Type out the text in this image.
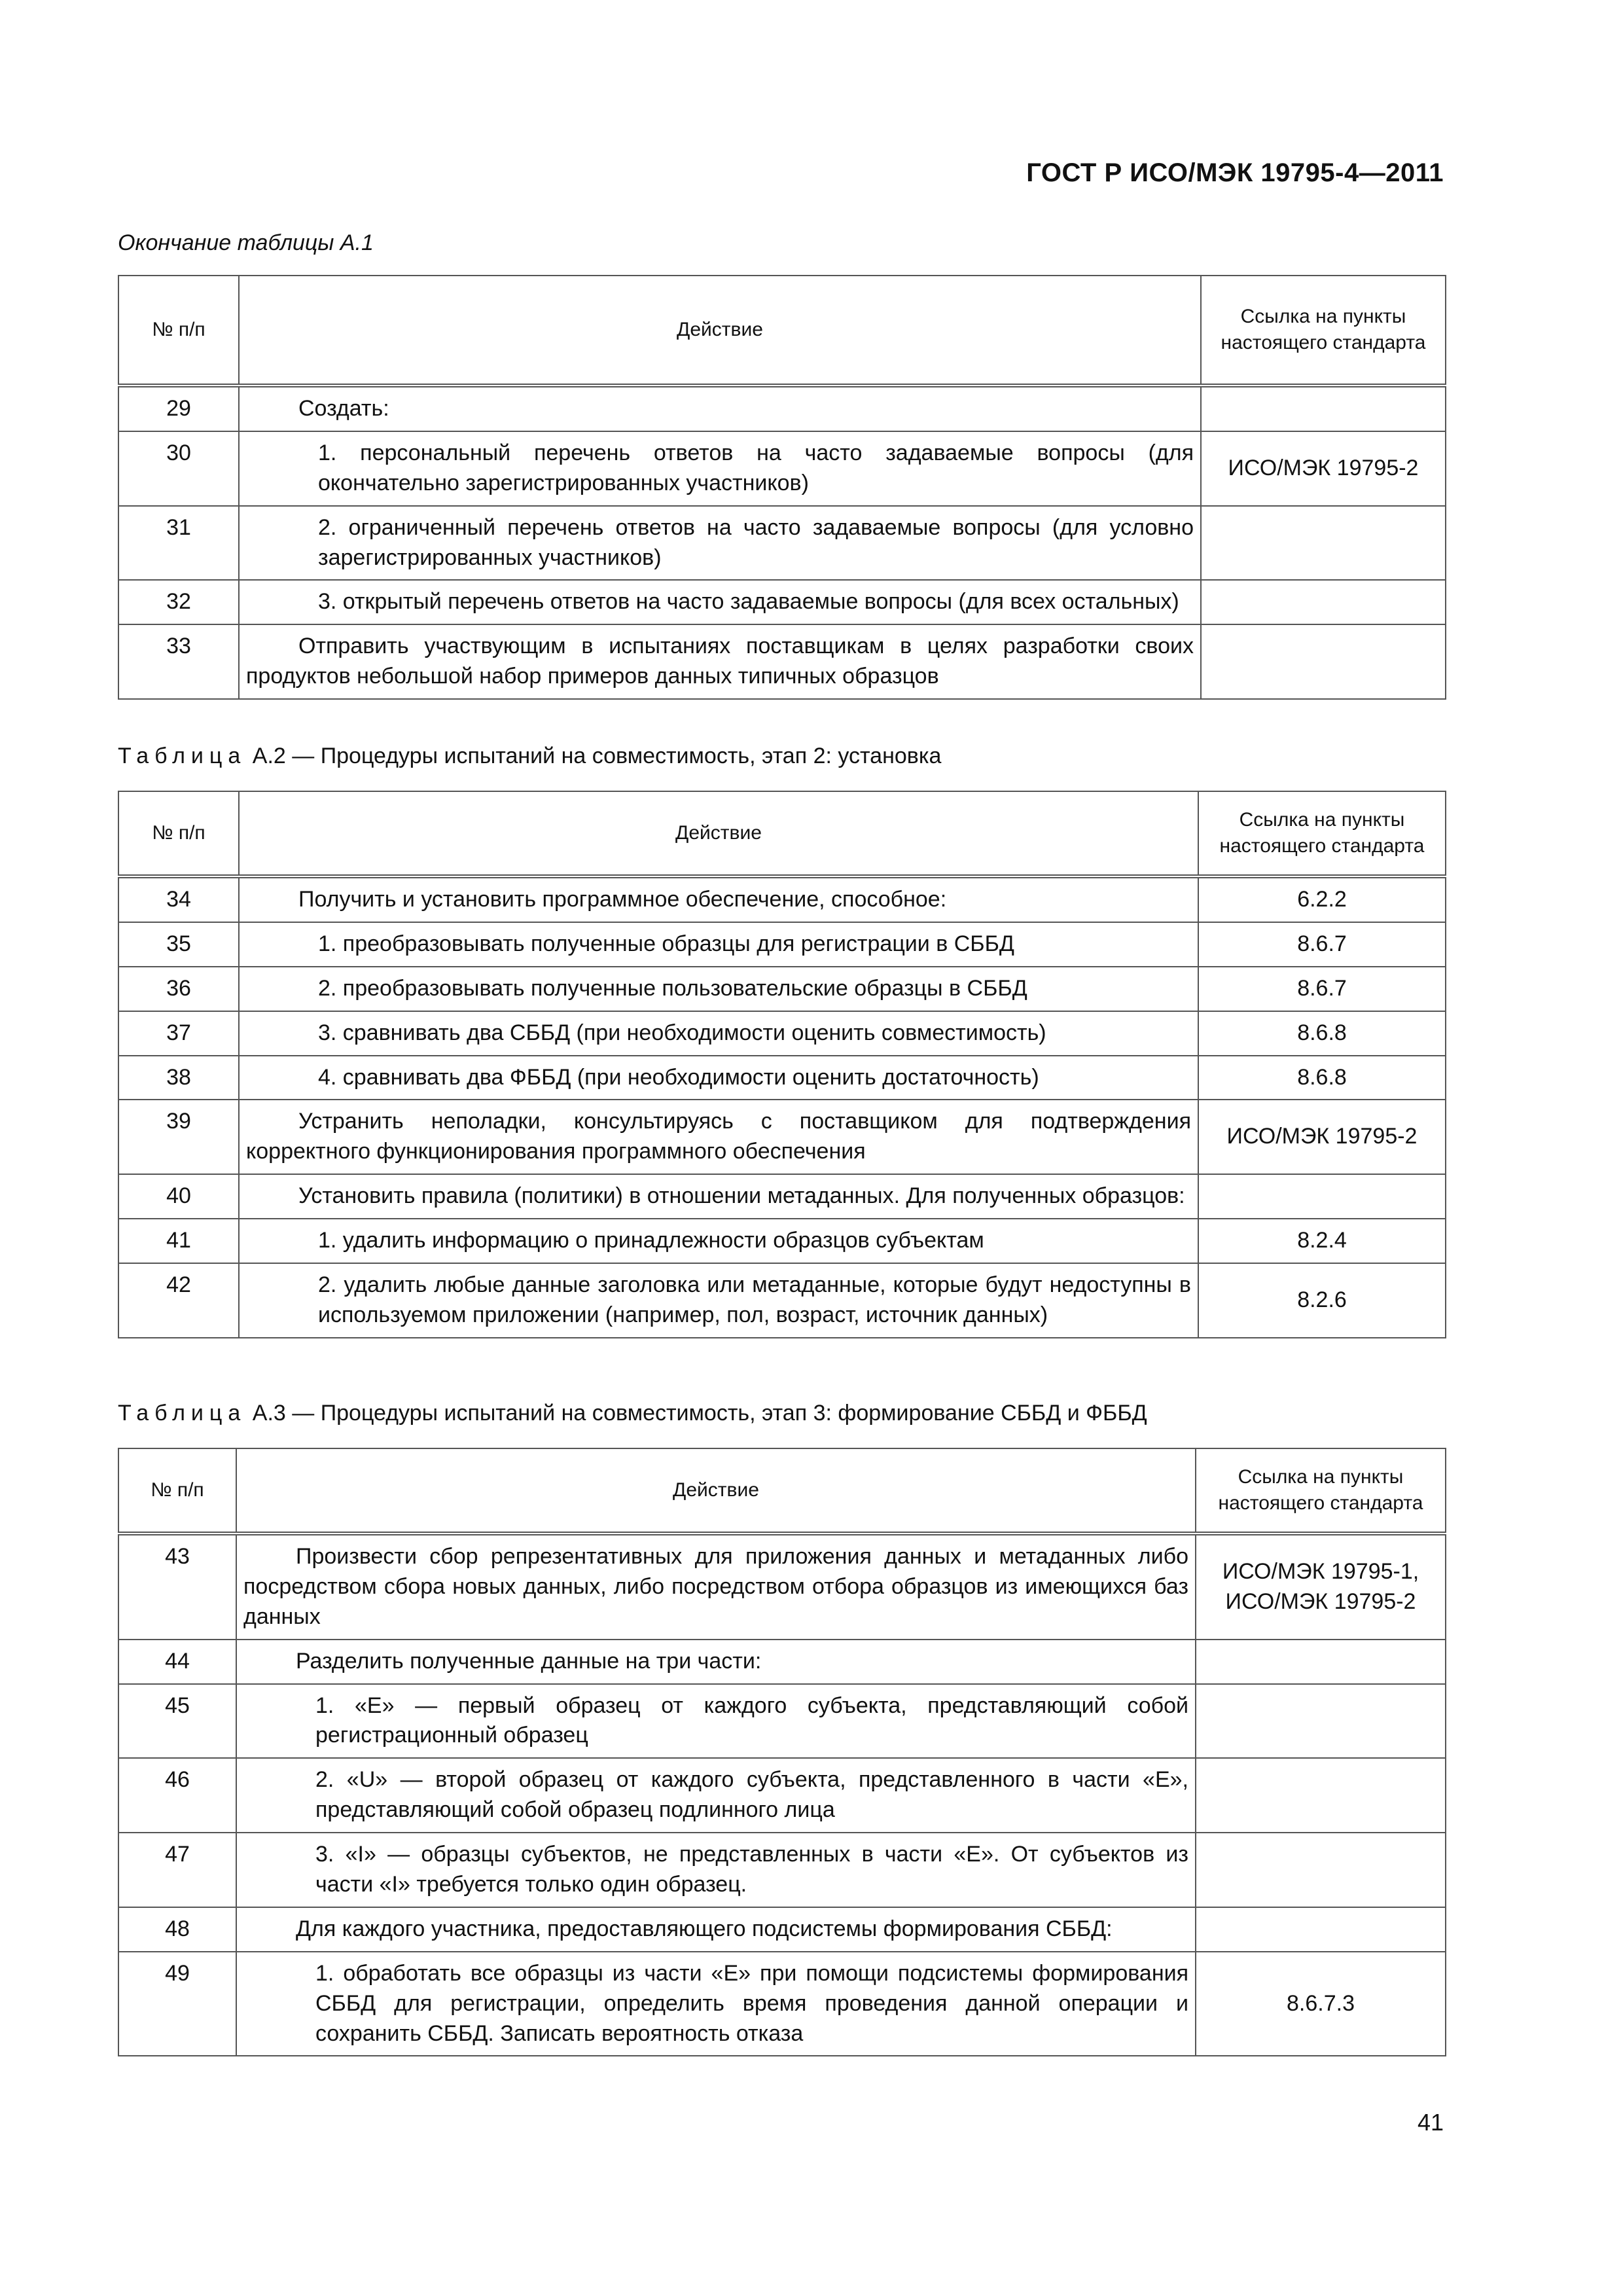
ГОСТ Р ИСО/МЭК 19795-4—2011
Окончание таблицы А.1
№ п/п	Действие	Ссылка на пункты настоящего стандарта
29	Создать:	
30	1. персональный перечень ответов на часто задаваемые вопросы (для окончательно зарегистрированных участников)	ИСО/МЭК 19795-2
31	2. ограниченный перечень ответов на часто задаваемые вопросы (для условно зарегистрированных участников)	
32	3. открытый перечень ответов на часто задаваемые вопросы (для всех остальных)	
33	Отправить участвующим в испытаниях поставщикам в целях разработки своих продуктов небольшой набор примеров данных типичных образцов	
Таблица А.2 — Процедуры испытаний на совместимость, этап 2: установка
№ п/п	Действие	Ссылка на пункты настоящего стандарта
34	Получить и установить программное обеспечение, способное:	6.2.2
35	1. преобразовывать полученные образцы для регистрации в СББД	8.6.7
36	2. преобразовывать полученные пользовательские образцы в СББД	8.6.7
37	3. сравнивать два СББД (при необходимости оценить совместимость)	8.6.8
38	4. сравнивать два ФББД (при необходимости оценить достаточность)	8.6.8
39	Устранить неполадки, консультируясь с поставщиком для подтверждения корректного функционирования программного обеспечения	ИСО/МЭК 19795-2
40	Установить правила (политики) в отношении метаданных. Для полученных образцов:	
41	1. удалить информацию о принадлежности образцов субъектам	8.2.4
42	2. удалить любые данные заголовка или метаданные, которые будут недоступны в используемом приложении (например, пол, возраст, источник данных)	8.2.6
Таблица А.3 — Процедуры испытаний на совместимость, этап 3: формирование СББД и ФББД
№ п/п	Действие	Ссылка на пункты настоящего стандарта
43	Произвести сбор репрезентативных для приложения данных и метаданных либо посредством сбора новых данных, либо посредством отбора образцов из имеющихся баз данных	ИСО/МЭК 19795-1, ИСО/МЭК 19795-2
44	Разделить полученные данные на три части:	
45	1. «E» — первый образец от каждого субъекта, представляющий собой регистрационный образец	
46	2. «U» — второй образец от каждого субъекта, представленного в части «E», представляющий собой образец подлинного лица	
47	3. «I» — образцы субъектов, не представленных в части «E». От субъектов из части «I» требуется только один образец.	
48	Для каждого участника, предоставляющего подсистемы формирования СББД:	
49	1. обработать все образцы из части «E» при помощи подсистемы формирования СББД для регистрации, определить время проведения данной операции и сохранить СББД. Записать вероятность отказа	8.6.7.3
41
